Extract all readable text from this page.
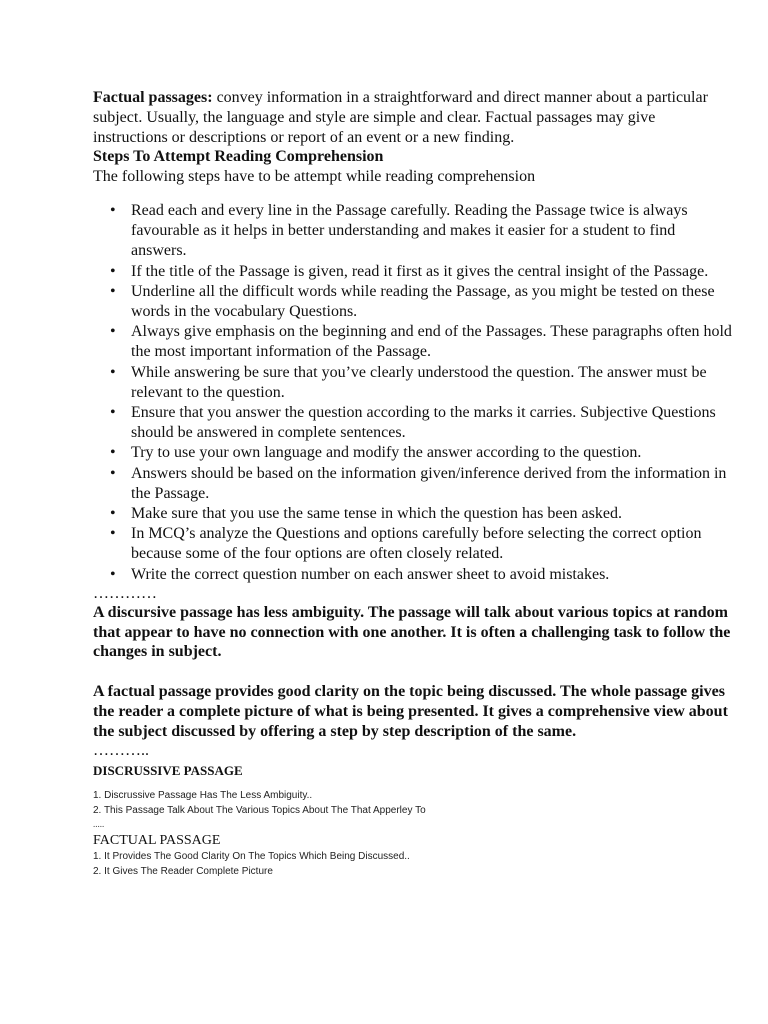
Factual passages: convey information in a straightforward and direct manner about a particular subject. Usually, the language and style are simple and clear. Factual passages may give instructions or descriptions or report of an event or a new finding.

Steps To Attempt Reading Comprehension

The following steps have to be attempt while reading comprehension

• Read each and every line in the Passage carefully. Reading the Passage twice is always favourable as it helps in better understanding and makes it easier for a student to find answers.
• If the title of the Passage is given, read it first as it gives the central insight of the Passage.
• Underline all the difficult words while reading the Passage, as you might be tested on these words in the vocabulary Questions.
• Always give emphasis on the beginning and end of the Passages. These paragraphs often hold the most important information of the Passage.
• While answering be sure that you’ve clearly understood the question. The answer must be relevant to the question.
• Ensure that you answer the question according to the marks it carries. Subjective Questions should be answered in complete sentences.
• Try to use your own language and modify the answer according to the question.
• Answers should be based on the information given/inference derived from the information in the Passage.
• Make sure that you use the same tense in which the question has been asked.
• In MCQ’s analyze the Questions and options carefully before selecting the correct option because some of the four options are often closely related.
• Write the correct question number on each answer sheet to avoid mistakes.

…………

A discursive passage has less ambiguity. The passage will talk about various topics at random that appear to have no connection with one another. It is often a challenging task to follow the changes in subject.

A factual passage provides good clarity on the topic being discussed. The whole passage gives the reader a complete picture of what is being presented. It gives a comprehensive view about the subject discussed by offering a step by step description of the same.

………..

DISCRUSSIVE PASSAGE

1. Discrussive Passage Has The Less Ambiguity..

2. This Passage Talk About The Various Topics About The That Apperley To

.....

FACTUAL PASSAGE

1. It Provides The Good Clarity On The Topics Which Being Discussed..

2. It Gives The Reader Complete Picture
